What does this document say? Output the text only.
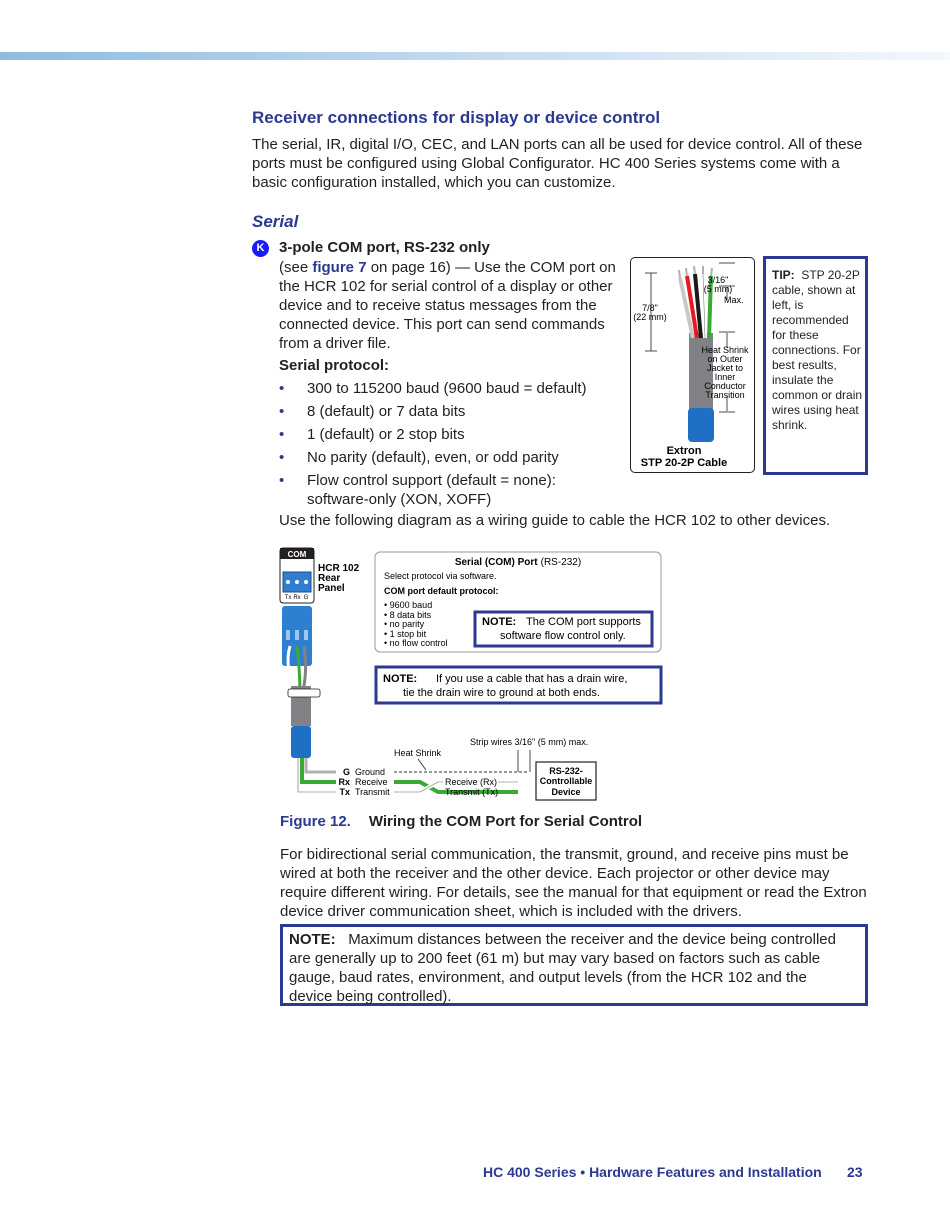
Receiver connections for display or device control

The serial, IR, digital I/O, CEC, and LAN ports can all be used for device control. All of these ports must be configured using Global Configurator. HC 400 Series systems come with a basic configuration installed, which you can customize.

Serial
K 3-pole COM port, RS-232 only

(see figure 7 on page 16) — Use the COM port on the HCR 102 for serial control of a display or other device and to receive status messages from the connected device. This port can send commands from a driver file.

Serial protocol:

• 300 to 115200 baud (9600 baud = default)
• 8 (default) or 7 data bits
• 1 (default) or 2 stop bits
• No parity (default), even, or odd parity
• Flow control support (default = none): software-only (XON, XOFF)

Use the following diagram as a wiring guide to cable the HCR 102 to other devices.

3/16"
(5 mm)
Max.
7/8"
(22 mm)
Heat Shrink
on Outer
Jacket to
Inner
Conductor
Transition
Extron
STP 20-2P Cable
TIP: STP 20-2P cable, shown at left, is recommended for these connections. For best results, insulate the common or drain wires using heat shrink.
COM
Tx Rx G
HCR 102
Rear
Panel
G
Rx
Tx
Ground
Receive
Transmit
Receive (Rx)
Transmit (Tx)
Heat Shrink
Strip wires 3/16" (5 mm) max.
RS-232-
Controllable
Device
Serial (COM) Port (RS-232)
Select protocol via software.
COM port default protocol:
• 9600 baud
• 8 data bits
• no parity
• 1 stop bit
• no flow control
NOTE: The COM port supports
software flow control only.
NOTE: If you use a cable that has a drain wire,
tie the drain wire to ground at both ends.

Figure 12. Wiring the COM Port for Serial Control

For bidirectional serial communication, the transmit, ground, and receive pins must be wired at both the receiver and the other device. Each projector or other device may require different wiring. For details, see the manual for that equipment or read the Extron device driver communication sheet, which is included with the drivers.

NOTE: Maximum distances between the receiver and the device being controlled are generally up to 200 feet (61 m) but may vary based on factors such as cable gauge, baud rates, environment, and output levels (from the HCR 102 and the device being controlled).

HC 400 Series • Hardware Features and Installation 23
